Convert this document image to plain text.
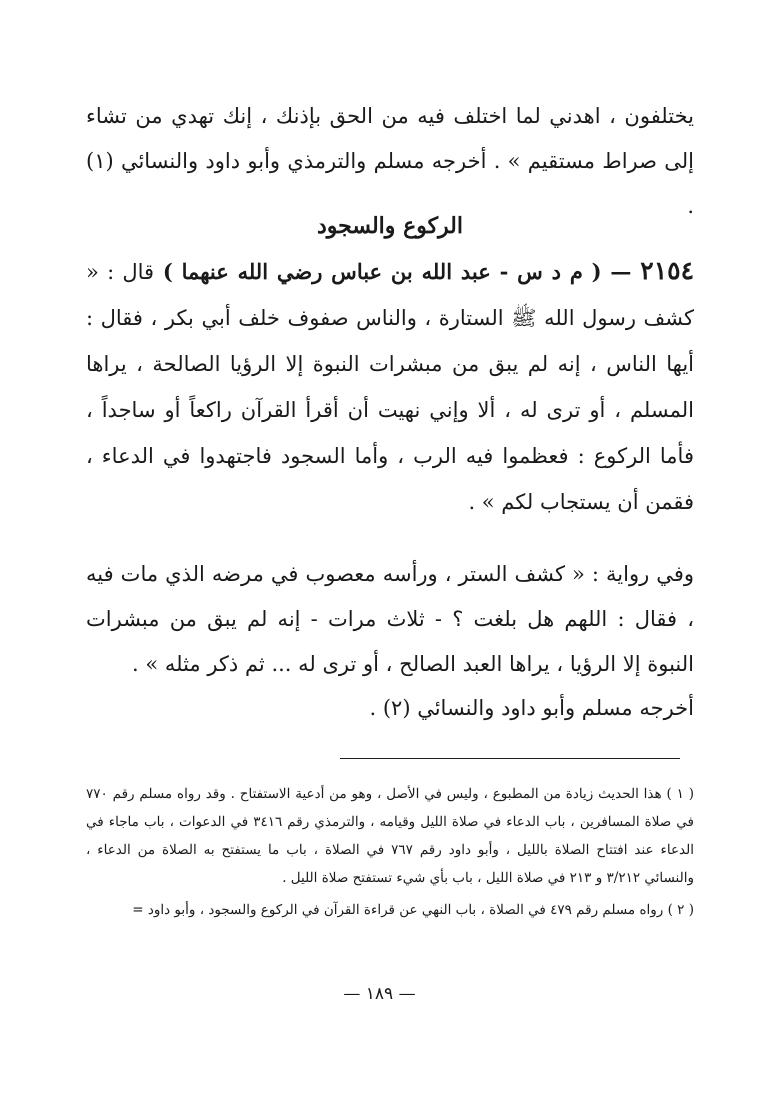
يختلفون ، اهدني لما اختلف فيه من الحق بإذنك ، إنك تهدي من تشاء إلى صراط مستقيم » . أخرجه مسلم والترمذي وأبو داود والنسائي (١) .

الركوع والسجود

٢١٥٤ — ( م د س - عبد الله بن عباس رضي الله عنهما ) قال : « كشف رسول الله ﷺ الستارة ، والناس صفوف خلف أبي بكر ، فقال : أيها الناس ، إنه لم يبق من مبشرات النبوة إلا الرؤيا الصالحة ، يراها المسلم ، أو ترى له ، ألا وإني نهيت أن أقرأ القرآن راكعاً أو ساجداً ، فأما الركوع : فعظموا فيه الرب ، وأما السجود فاجتهدوا في الدعاء ، فقمن أن يستجاب لكم » .

وفي رواية : « كشف الستر ، ورأسه معصوب في مرضه الذي مات فيه ، فقال : اللهم هل بلغت ؟ - ثلاث مرات - إنه لم يبق من مبشرات النبوة إلا الرؤيا ، يراها العبد الصالح ، أو ترى له ... ثم ذكر مثله » .

أخرجه مسلم وأبو داود والنسائي (٢) .

( ١ ) هذا الحديث زيادة من المطبوع ، وليس في الأصل ، وهو من أدعية الاستفتاح . وقد رواه مسلم رقم ٧٧٠ في صلاة المسافرين ، باب الدعاء في صلاة الليل وقيامه ، والترمذي رقم ٣٤١٦ في الدعوات ، باب ماجاء في الدعاء عند افتتاح الصلاة بالليل ، وأبو داود رقم ٧٦٧ في الصلاة ، باب ما يستفتح به الصلاة من الدعاء ، والنسائي ٣/٢١٢ و ٢١٣ في صلاة الليل ، باب بأي شيء تستفتح صلاة الليل .

( ٢ ) رواه مسلم رقم ٤٧٩ في الصلاة ، باب النهي عن قراءة القرآن في الركوع والسجود ، وأبو داود =

— ١٨٩ —
